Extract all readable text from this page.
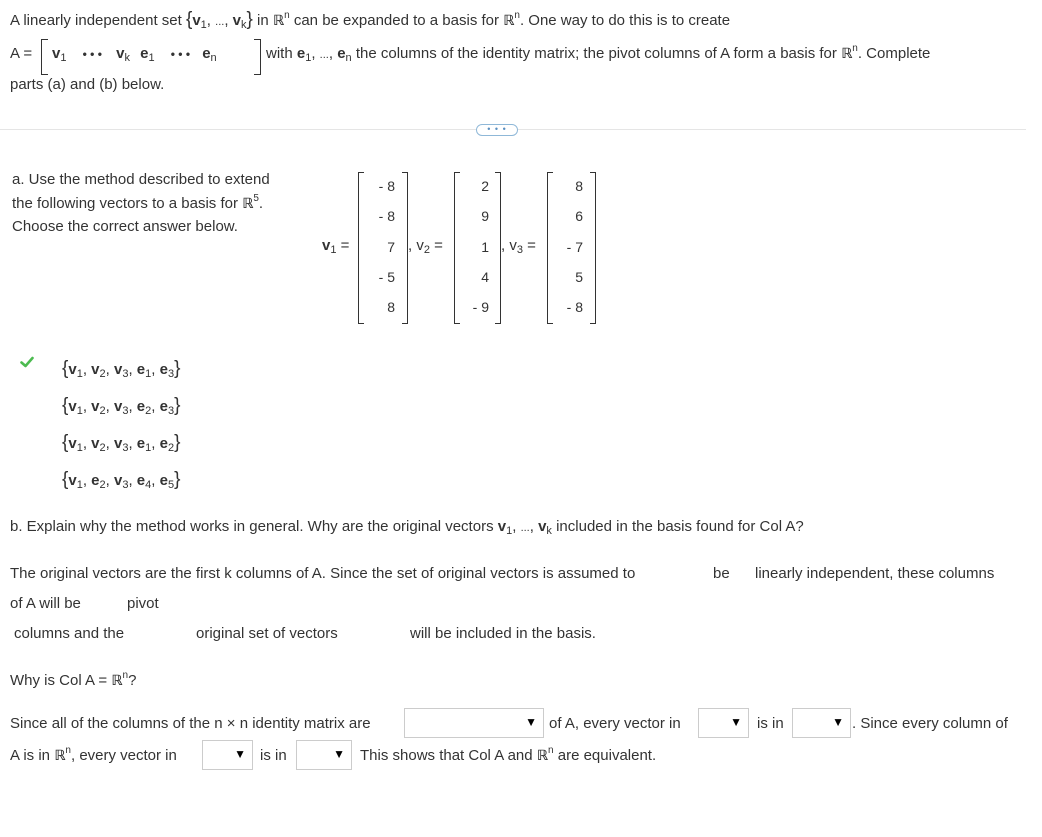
A linearly independent set {$v_1$, ..., $v_k$} in ℝ$^n$ can be expanded to a basis for ℝ$^n$. One way to do this is to create
$A = v_1$ • • • $v_k$ $e_1$ • • • $e_n$	with $e_1$, ..., $e_n$ the columns of the identity matrix; the pivot columns of A form a basis for ℝ$^n$. Complete
parts (a) and (b) below.
• • •
a. Use the method described to extend
the following vectors to a basis for ℝ$^5$.
Choose the correct answer below.
$v_1$ =
- 8
- 8
7
- 5
8
, $v_2$ =
2
9
1
4
- 9
, $v_3$ =
8
6
- 7
5
- 8
{$v_1$, $v_2$, $v_3$, $e_1$, $e_3$}
{$v_1$, $v_2$, $v_3$, $e_2$, $e_3$}
{$v_1$, $v_2$, $v_3$, $e_1$, $e_2$}
{$v_1$, $e_2$, $v_3$, $e_4$, $e_5$}
b. Explain why the method works in general. Why are the original vectors $v_1$, ..., $v_k$ included in the basis found for Col A?
The original vectors are the first k columns of A. Since the set of original vectors is assumed to	be linearly independent, these columns
of A will be	pivot
columns and the	original set of vectors	will be included in the basis.
Why is Col A = ℝ$^n$?
Since all of the columns of the n × n identity matrix are	▼ of A, every vector in	▼ is in	▼ . Since every column of
A is in ℝ$^n$, every vector in	▼ is in	▼ This shows that Col A and ℝ$^n$ are equivalent.
